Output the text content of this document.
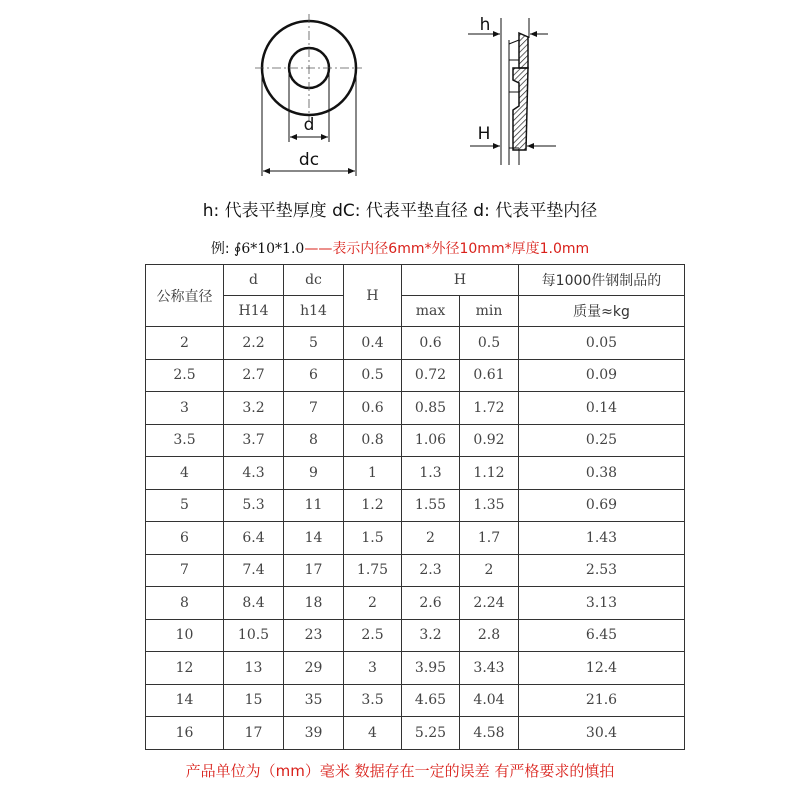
d
dc
h
H
h: 代表平垫厚度 dC: 代表平垫直径 d: 代表平垫内径
例: ∮6*10*1.0——表示内径6mm*外径10mm*厚度1.0mm
公称直径	d	dc	H	H		每1000件钢制品的
	H14	h14		max	min	质量≈kg
2	2.2	5	0.4	0.6	0.5	0.05
2.5	2.7	6	0.5	0.72	0.61	0.09
3	3.2	7	0.6	0.85	1.72	0.14
3.5	3.7	8	0.8	1.06	0.92	0.25
4	4.3	9	1	1.3	1.12	0.38
5	5.3	11	1.2	1.55	1.35	0.69
6	6.4	14	1.5	2	1.7	1.43
7	7.4	17	1.75	2.3	2	2.53
8	8.4	18	2	2.6	2.24	3.13
10	10.5	23	2.5	3.2	2.8	6.45
12	13	29	3	3.95	3.43	12.4
14	15	35	3.5	4.65	4.04	21.6
16	17	39	4	5.25	4.58	30.4
产品单位为（mm）毫米 数据存在一定的误差 有严格要求的慎拍
